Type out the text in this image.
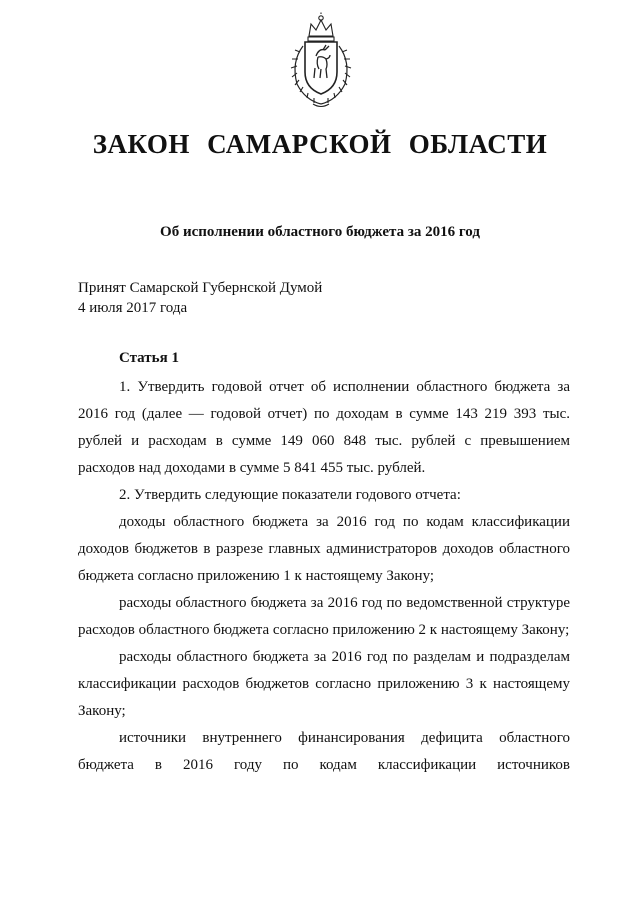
ЗАКОН САМАРСКОЙ ОБЛАСТИ
Об исполнении областного бюджета за 2016 год
Принят Самарской Губернской Думой
4 июля 2017 года
Статья 1

1. Утвердить годовой отчет об исполнении областного бюджета за 2016 год (далее — годовой отчет) по доходам в сумме 143 219 393 тыс. рублей и расходам в сумме 149 060 848 тыс. рублей с превышением расходов над доходами в сумме 5 841 455 тыс. рублей.

2. Утвердить следующие показатели годового отчета:

доходы областного бюджета за 2016 год по кодам классификации доходов бюджетов в разрезе главных администраторов доходов областного бюджета согласно приложению 1 к настоящему Закону;

расходы областного бюджета за 2016 год по ведомственной структуре расходов областного бюджета согласно приложению 2 к настоящему Закону;

расходы областного бюджета за 2016 год по разделам и подразделам классификации расходов бюджетов согласно приложению 3 к настоящему Закону;

источники внутреннего финансирования дефицита областного бюджета в 2016 году по кодам классификации источников
